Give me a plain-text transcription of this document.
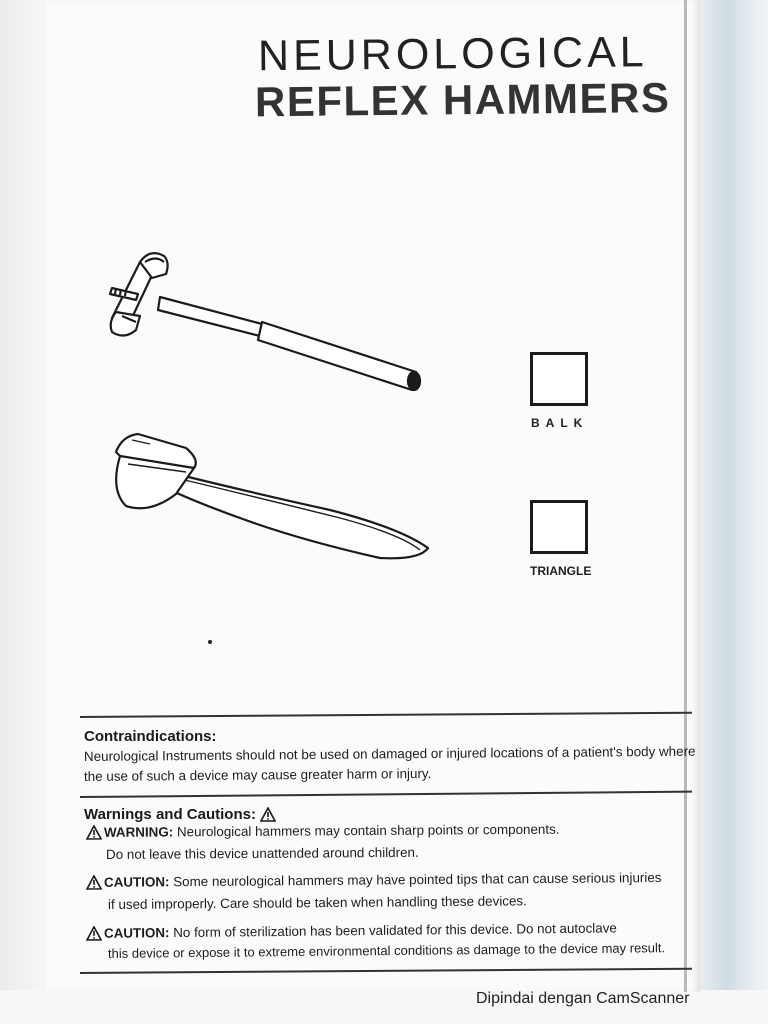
NEUROLOGICAL
REFLEX HAMMERS
BALK
TRIANGLE
Contraindications:
Neurological Instruments should not be used on damaged or injured locations of a patient's body where
the use of such a device may cause greater harm or injury.
Warnings and Cautions:
WARNING: Neurological hammers may contain sharp points or components.
Do not leave this device unattended around children.
CAUTION: Some neurological hammers may have pointed tips that can cause serious injuries
if used improperly. Care should be taken when handling these devices.
CAUTION: No form of sterilization has been validated for this device. Do not autoclave
this device or expose it to extreme environmental conditions as damage to the device may result.
Dipindai dengan CamScanner
